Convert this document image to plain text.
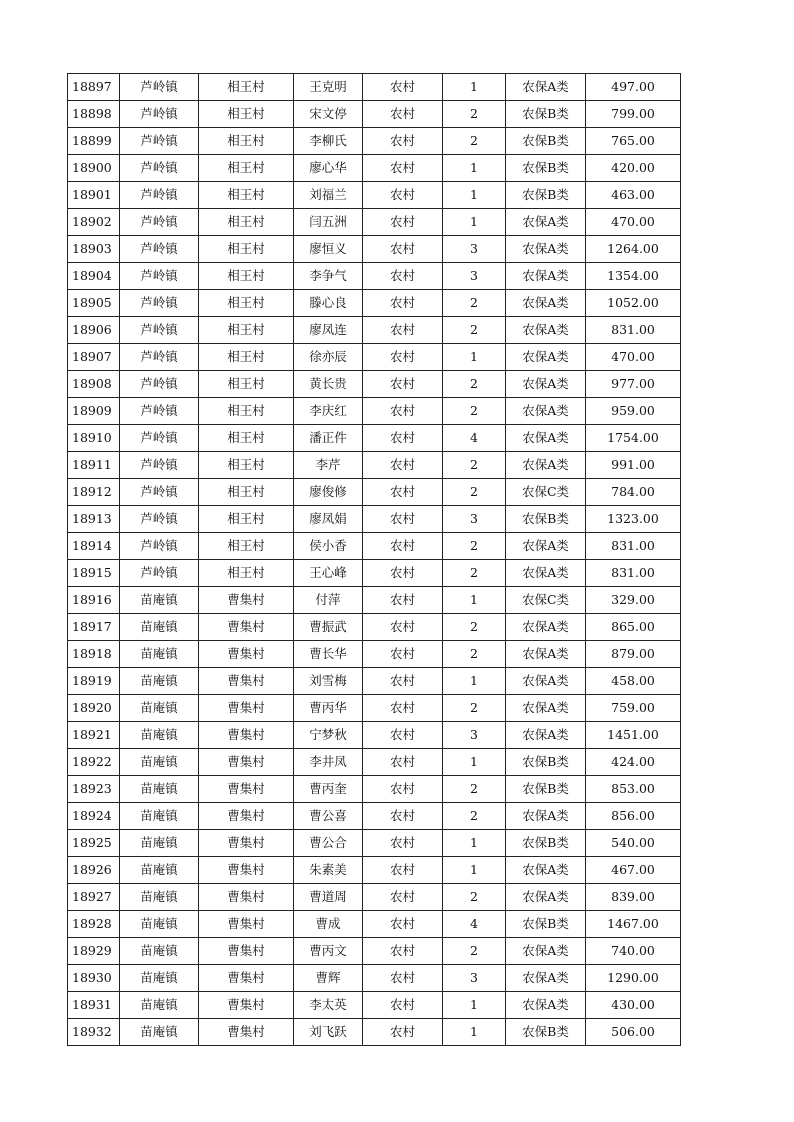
18897	芦岭镇	相王村	王克明	农村	1	农保A类	497.00
18898	芦岭镇	相王村	宋文停	农村	2	农保B类	799.00
18899	芦岭镇	相王村	李柳氏	农村	2	农保B类	765.00
18900	芦岭镇	相王村	廖心华	农村	1	农保B类	420.00
18901	芦岭镇	相王村	刘福兰	农村	1	农保B类	463.00
18902	芦岭镇	相王村	闫五洲	农村	1	农保A类	470.00
18903	芦岭镇	相王村	廖恒义	农村	3	农保A类	1264.00
18904	芦岭镇	相王村	李争气	农村	3	农保A类	1354.00
18905	芦岭镇	相王村	滕心良	农村	2	农保A类	1052.00
18906	芦岭镇	相王村	廖凤连	农村	2	农保A类	831.00
18907	芦岭镇	相王村	徐亦辰	农村	1	农保A类	470.00
18908	芦岭镇	相王村	黄长贵	农村	2	农保A类	977.00
18909	芦岭镇	相王村	李庆红	农村	2	农保A类	959.00
18910	芦岭镇	相王村	潘正件	农村	4	农保A类	1754.00
18911	芦岭镇	相王村	李芹	农村	2	农保A类	991.00
18912	芦岭镇	相王村	廖俊修	农村	2	农保C类	784.00
18913	芦岭镇	相王村	廖凤娟	农村	3	农保B类	1323.00
18914	芦岭镇	相王村	侯小香	农村	2	农保A类	831.00
18915	芦岭镇	相王村	王心峰	农村	2	农保A类	831.00
18916	苗庵镇	曹集村	付萍	农村	1	农保C类	329.00
18917	苗庵镇	曹集村	曹振武	农村	2	农保A类	865.00
18918	苗庵镇	曹集村	曹长华	农村	2	农保A类	879.00
18919	苗庵镇	曹集村	刘雪梅	农村	1	农保A类	458.00
18920	苗庵镇	曹集村	曹丙华	农村	2	农保A类	759.00
18921	苗庵镇	曹集村	宁梦秋	农村	3	农保A类	1451.00
18922	苗庵镇	曹集村	李井凤	农村	1	农保B类	424.00
18923	苗庵镇	曹集村	曹丙奎	农村	2	农保B类	853.00
18924	苗庵镇	曹集村	曹公喜	农村	2	农保A类	856.00
18925	苗庵镇	曹集村	曹公合	农村	1	农保B类	540.00
18926	苗庵镇	曹集村	朱素美	农村	1	农保A类	467.00
18927	苗庵镇	曹集村	曹道周	农村	2	农保A类	839.00
18928	苗庵镇	曹集村	曹成	农村	4	农保B类	1467.00
18929	苗庵镇	曹集村	曹丙文	农村	2	农保A类	740.00
18930	苗庵镇	曹集村	曹辉	农村	3	农保A类	1290.00
18931	苗庵镇	曹集村	李太英	农村	1	农保A类	430.00
18932	苗庵镇	曹集村	刘飞跃	农村	1	农保B类	506.00
